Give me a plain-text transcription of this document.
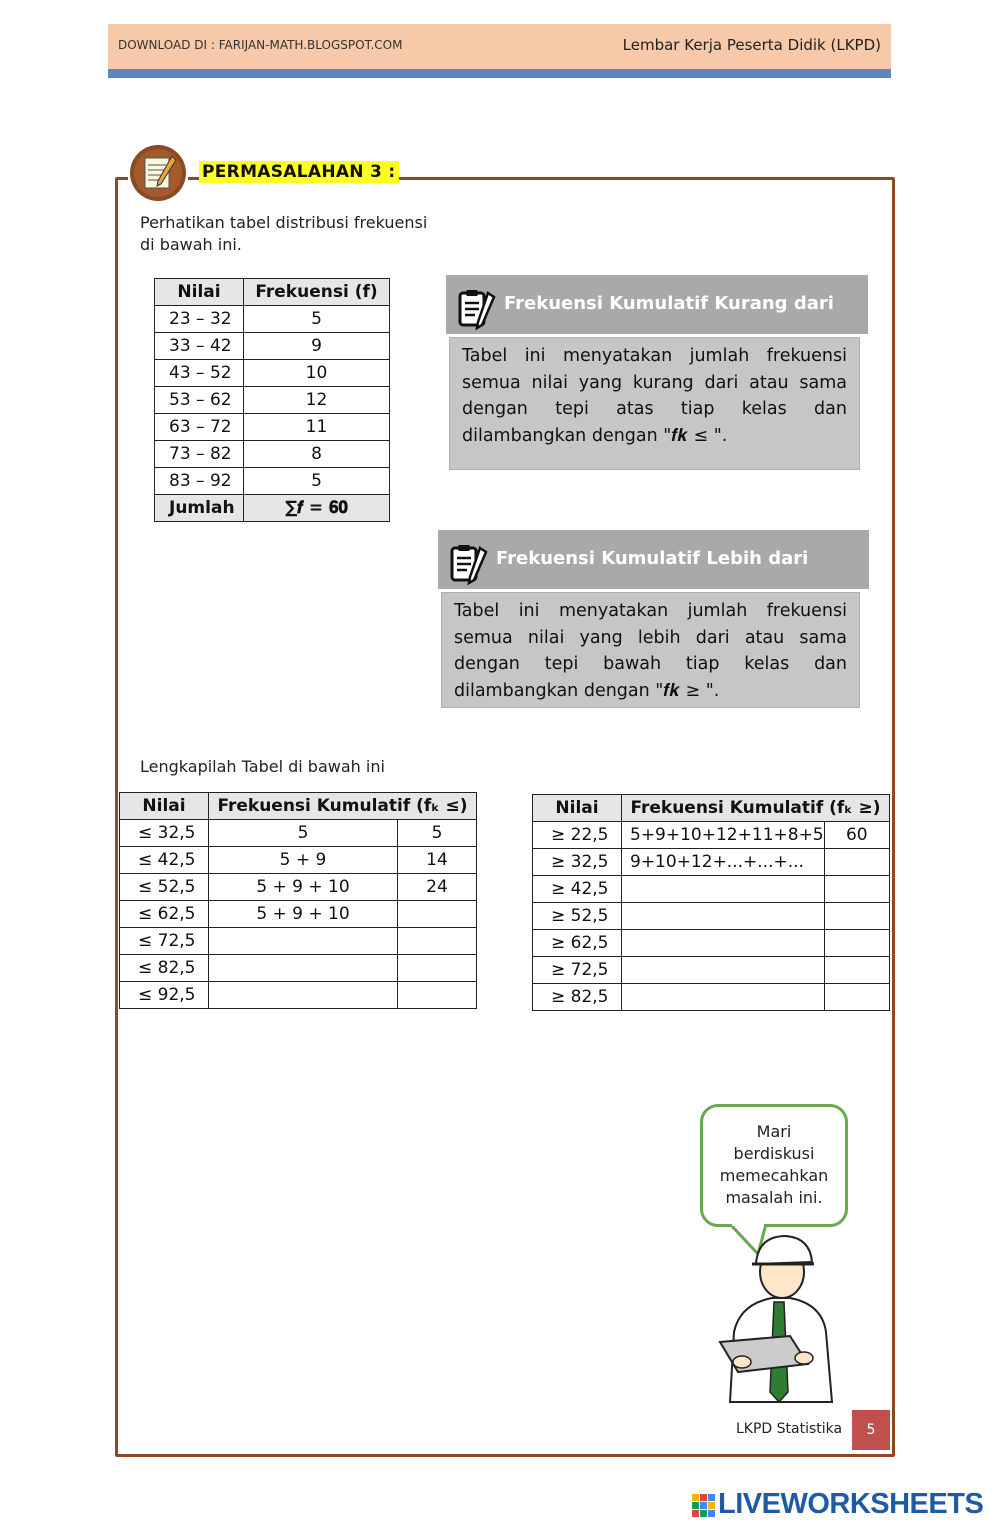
DOWNLOAD DI : FARIJAN-MATH.BLOGSPOT.COM	Lembar Kerja Peserta Didik (LKPD)
PERMASALAHAN 3 :
Perhatikan tabel distribusi frekuensi di bawah ini.
Nilai	Frekuensi (f)
23 – 32	5
33 – 42	9
43 – 52	10
53 – 62	12
63 – 72	11
73 – 82	8
83 – 92	5
Jumlah	∑𝒇 = 𝟔𝟎
Frekuensi Kumulatif Kurang dari

Tabel ini menyatakan jumlah frekuensi semua nilai yang kurang dari atau sama dengan tepi atas tiap kelas dan dilambangkan dengan "𝒇𝒌 ≤ ".

Frekuensi Kumulatif Lebih dari

Tabel ini menyatakan jumlah frekuensi semua nilai yang lebih dari atau sama dengan tepi bawah tiap kelas dan dilambangkan dengan "𝒇𝒌 ≥ ".

Lengkapilah Tabel di bawah ini
Nilai	Frekuensi Kumulatif (fₖ ≤)	
≤ 32,5	5	5
≤ 42,5	5 + 9	14
≤ 52,5	5 + 9 + 10	24
≤ 62,5	5 + 9 + 10	
≤ 72,5		
≤ 82,5		
≤ 92,5		
Nilai	Frekuensi Kumulatif (fₖ ≥)	
≥ 22,5	5+9+10+12+11+8+5	60
≥ 32,5	9+10+12+...+...+...	
≥ 42,5		
≥ 52,5		
≥ 62,5		
≥ 72,5		
≥ 82,5		
Mari berdiskusi memecahkan masalah ini.
LKPD Statistika	5
LIVEWORKSHEETS
